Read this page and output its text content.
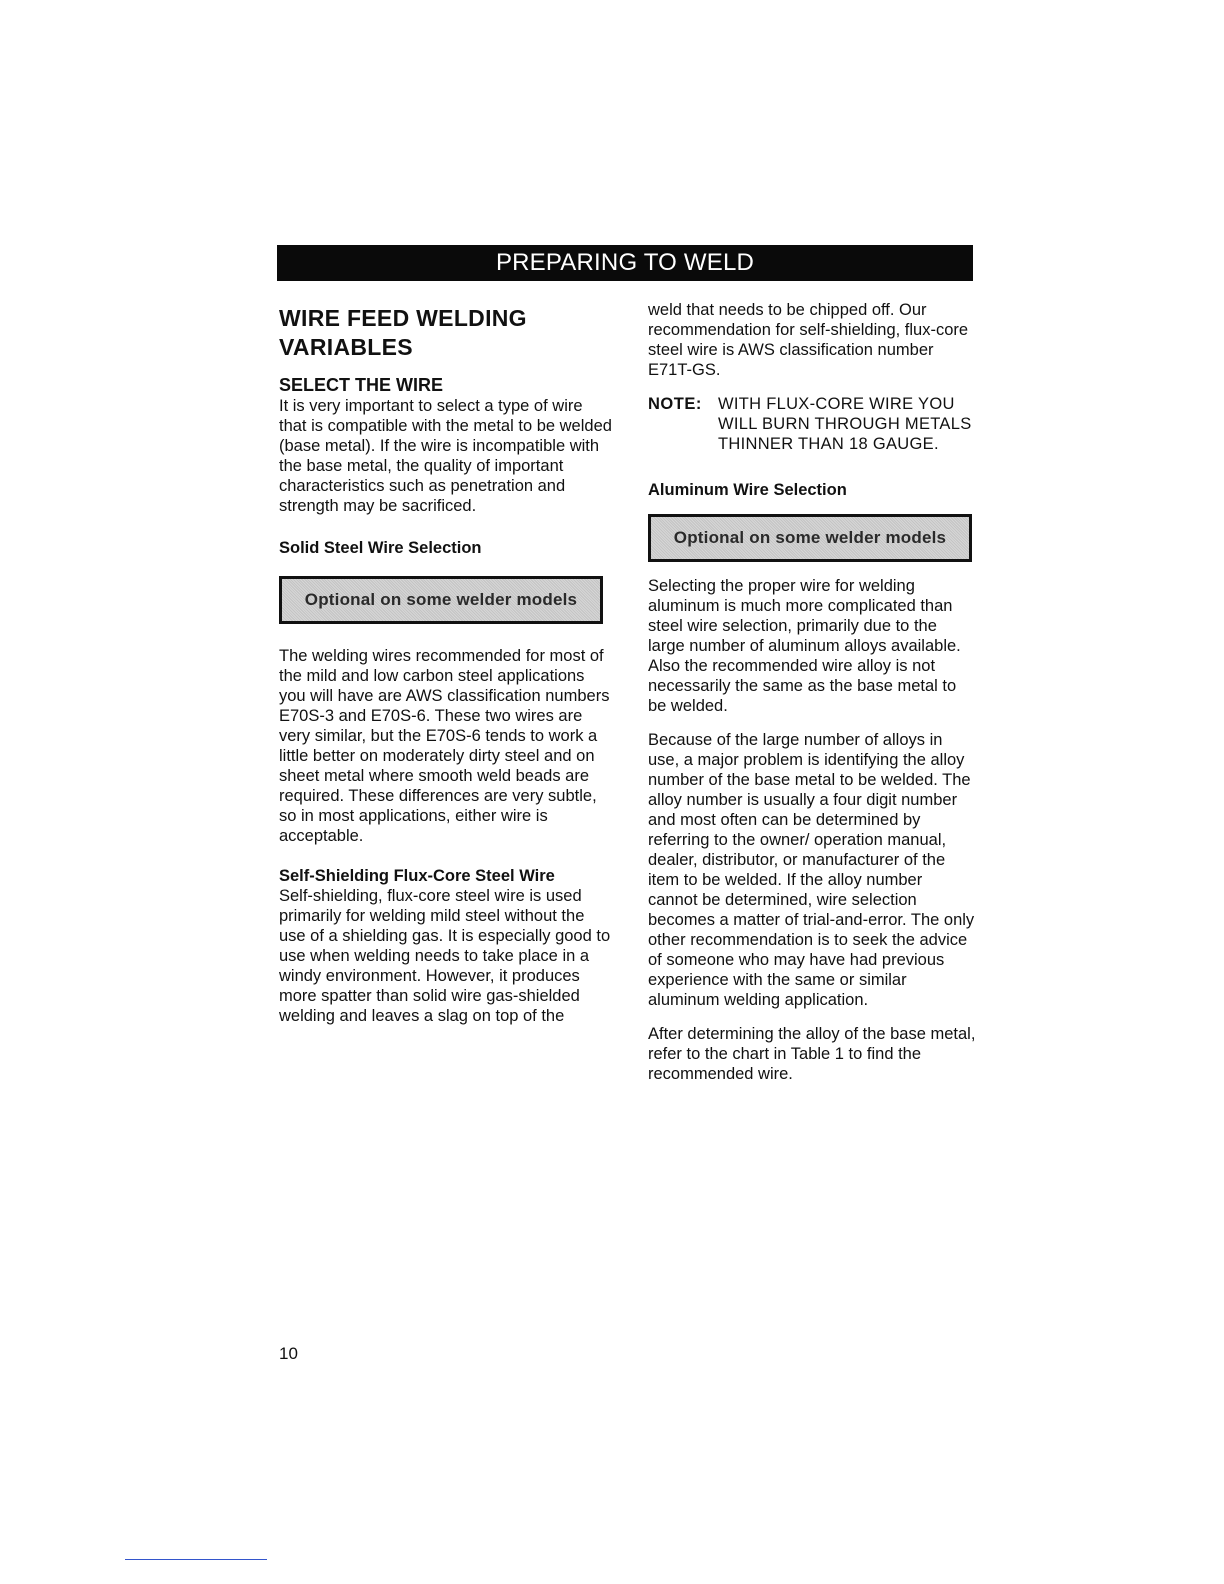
PREPARING TO WELD
WIRE FEED WELDING
VARIABLES
SELECT THE WIRE

It is very important to select a type of wire that is compatible with the metal to be welded (base metal). If the wire is incompatible with the base metal, the quality of important characteristics such as penetration and strength may be sacrificed.

Solid Steel Wire Selection
Optional on some welder models

The welding wires recommended for most of the mild and low carbon steel applications you will have are AWS classification numbers E70S-3 and E70S-6. These two wires are very similar, but the E70S-6 tends to work a little better on moderately dirty steel and on sheet metal where smooth weld beads are required. These differences are very subtle, so in most applications, either wire is acceptable.

Self-Shielding Flux-Core Steel Wire

Self-shielding, flux-core steel wire is used primarily for welding mild steel without the use of a shielding gas. It is especially good to use when welding needs to take place in a windy environment. However, it produces more spatter than solid wire gas-shielded welding and leaves a slag on top of the

weld that needs to be chipped off. Our recommendation for self-shielding, flux-core steel wire is AWS classification number E71T-GS.

NOTE: WITH FLUX-CORE WIRE YOU WILL BURN THROUGH METALS THINNER THAN 18 GAUGE.
Aluminum Wire Selection
Optional on some welder models

Selecting the proper wire for welding aluminum is much more complicated than steel wire selection, primarily due to the large number of aluminum alloys available. Also the recommended wire alloy is not necessarily the same as the base metal to be welded.

Because of the large number of alloys in use, a major problem is identifying the alloy number of the base metal to be welded. The alloy number is usually a four digit number and most often can be determined by referring to the owner/ operation manual, dealer, distributor, or manufacturer of the item to be welded. If the alloy number cannot be determined, wire selection becomes a matter of trial-and-error. The only other recommendation is to seek the advice of someone who may have had previous experience with the same or similar aluminum welding application.

After determining the alloy of the base metal, refer to the chart in Table 1 to find the recommended wire.

10
